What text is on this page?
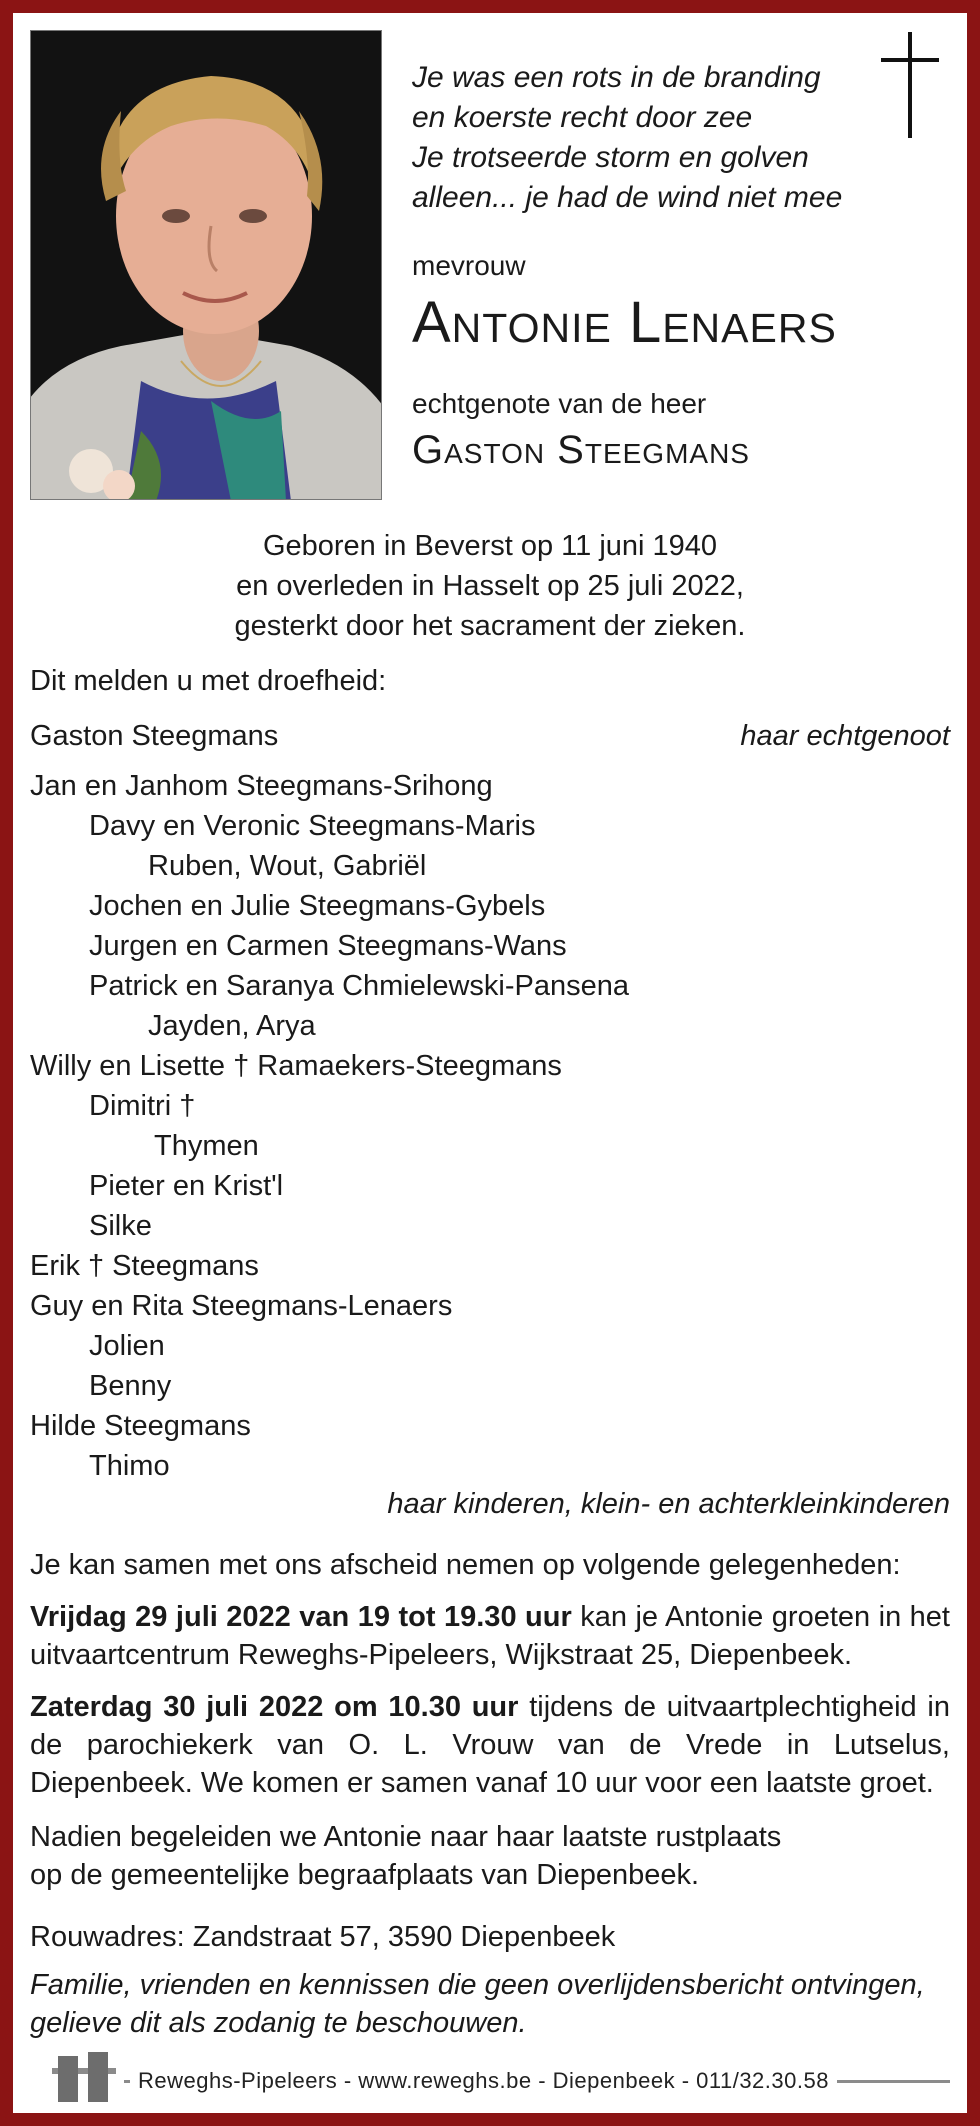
Je was een rots in de branding
en koerste recht door zee
Je trotseerde storm en golven
alleen... je had de wind niet mee
mevrouw
Antonie Lenaers
echtgenote van de heer
Gaston Steegmans
Geboren in Beverst op 11 juni 1940
en overleden in Hasselt op 25 juli 2022,
gesterkt door het sacrament der zieken.
Dit melden u met droefheid:
Gaston Steegmans	haar echtgenoot
Jan en Janhom Steegmans-Srihong
Davy en Veronic Steegmans-Maris
Ruben, Wout, Gabriël
Jochen en Julie Steegmans-Gybels
Jurgen en Carmen Steegmans-Wans
Patrick en Saranya Chmielewski-Pansena
Jayden, Arya
Willy en Lisette † Ramaekers-Steegmans
Dimitri †
Thymen
Pieter en Krist'l
Silke
Erik † Steegmans
Guy en Rita Steegmans-Lenaers
Jolien
Benny
Hilde Steegmans
Thimo
haar kinderen, klein- en achterkleinkinderen
Je kan samen met ons afscheid nemen op volgende gelegenheden:
Vrijdag 29 juli 2022 van 19 tot 19.30 uur kan je Antonie groeten in het uitvaartcentrum Reweghs-Pipeleers, Wijkstraat 25, Diepenbeek.
Zaterdag 30 juli 2022 om 10.30 uur tijdens de uitvaartplechtigheid in de parochiekerk van O. L. Vrouw van de Vrede in Lutselus, Diepenbeek. We komen er samen vanaf 10 uur voor een laatste groet.
Nadien begeleiden we Antonie naar haar laatste rustplaats op de gemeentelijke begraafplaats van Diepenbeek.
Rouwadres: Zandstraat 57, 3590 Diepenbeek
Familie, vrienden en kennissen die geen overlijdensbericht ontvingen, gelieve dit als zodanig te beschouwen.
Reweghs-Pipeleers - www.reweghs.be - Diepenbeek - 011/32.30.58
